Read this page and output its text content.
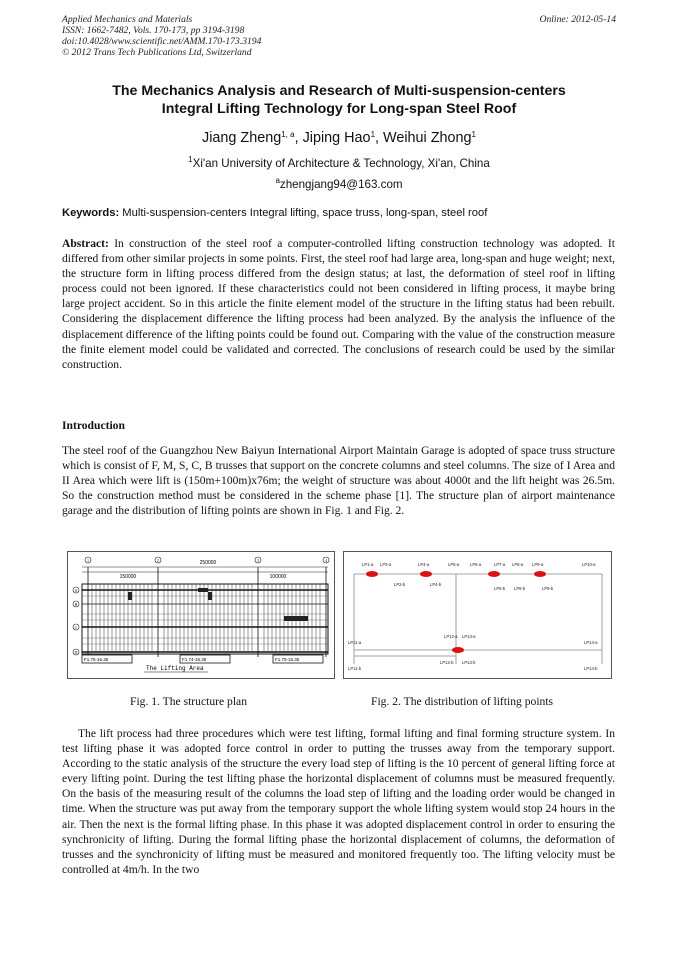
Applied Mechanics and Materials
ISSN: 1662-7482, Vols. 170-173, pp 3194-3198
doi:10.4028/www.scientific.net/AMM.170-173.3194
© 2012 Trans Tech Publications Ltd, Switzerland
Online: 2012-05-14
The Mechanics Analysis and Research of Multi-suspension-centers
Integral Lifting Technology for Long-span Steel Roof
Jiang Zheng$^{1, a}$, Jiping Hao$^1$, Weihui Zhong$^1$
$^1$Xi'an University of Architecture & Technology, Xi'an, China
$^a$zhengjang94@163.com
Keywords: Multi-suspension-centers Integral lifting, space truss, long-span, steel roof
Abstract: In construction of the steel roof a computer-controlled lifting construction technology was adopted. It differed from other similar projects in some points. First, the steel roof had large area, long-span and huge weight; next, the structure form in lifting process differed from the design status; at last, the deformation of steel roof in lifting process could not been ignored. If these characteristics could not been considered in lifting process, it maybe bring large project accident. So in this article the finite element model of the structure in the lifting status had been rebuilt. Considering the displacement difference the lifting process had been analyzed. By the analysis the influence of the displacement difference of the lifting points could be found out. Comparing with the value of the construction measure the finite element model could be validated and corrected. The conclusions of research could be used by the similar construction.
Introduction
The steel roof of the Guangzhou New Baiyun International Airport Maintain Garage is adopted of space truss structure which is consist of F, M, S, C, B trusses that support on the concrete columns and steel columns. The size of I Area and II Area which were lift is (150m+100m)x76m; the weight of structure was about 4000t and the lift height was 26.5m. So the construction method must be considered in the scheme phase [1]. The structure plan of airport maintenance garage and the distribution of lifting points are shown in Fig. 1 and Fig. 2.
250000
150000	100000
1	2	3	4
A
B
C
D
F1.75-16.35	F1.74-16.35	F1.75-16.35
The Lifting Area
Fig. 1. The structure plan
LP1-a LP3-a	LP4-a	LP5-a	LP6-a	LP7-a LP8-a LP9-a	LP10-a
LP2-b	LP4-b
LP6-b LP8-b	LP9-b
LP11-a
LP11-b
LP14-a
LP14-b
LP12-a LP13-a
LP12-b LP13-b
Fig. 2. The distribution of lifting points
The lift process had three procedures which were test lifting, formal lifting and final forming structure system. In test lifting phase it was adopted force control in order to putting the trusses away from the temporary support. According to the static analysis of the structure the every load step of lifting is the 10 percent of general lifting force at every lifting point. During the test lifting phase the horizontal displacement of columns must be measured frequently. On the basis of the measuring result of the columns the load step of lifting and the loading order would be changed in time. When the structure was put away from the temporary support the whole lifting system would stop 24 hours in the air. Then the next is the formal lifting phase. In this phase it was adopted displacement control in order to ensuring the synchronicity of lifting. During the formal lifting phase the horizontal displacement of columns, the deformation of trusses and the synchronicity of lifting must be measured and monitored frequently too. The lifting velocity must be controlled at 4m/h. In the two
